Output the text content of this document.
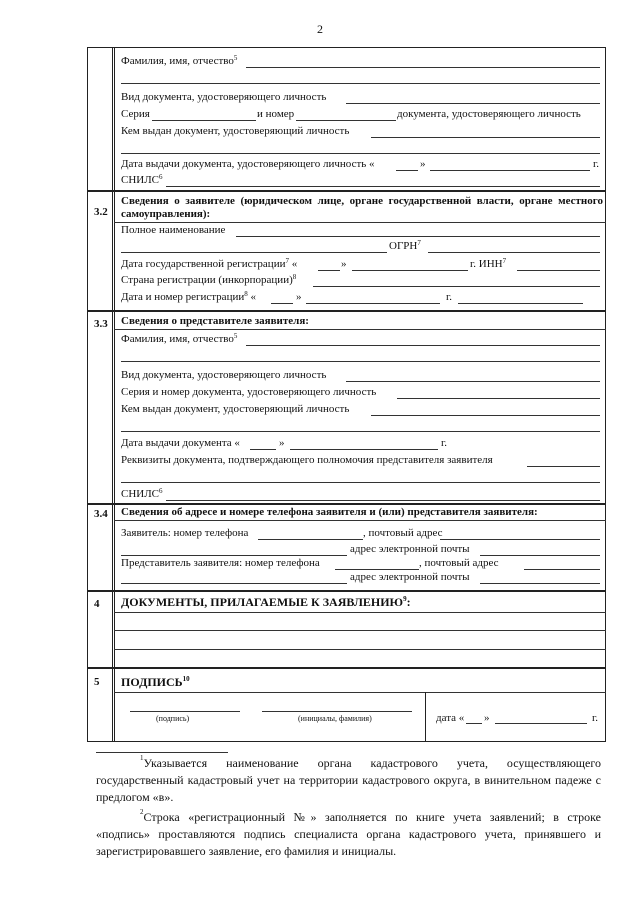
2
Фамилия, имя, отчество$^5$
Вид документа, удостоверяющего личность
Серия	и номер	документа, удостоверяющего личность
Кем выдан документ, удостоверяющий личность
Дата выдачи документа, удостоверяющего личность «	»	г.
СНИЛС$^6$
3.2
Сведения о заявителе (юридическом лице, органе государственной власти, органе местного самоуправления):
Полное наименование
ОГРН$^7$
Дата государственной регистрации$^7$ «	»	г. ИНН$^7$
Страна регистрации (инкорпорации)$^8$
Дата и номер регистрации$^8$ «	»	г.
3.3 Сведения о представителе заявителя:
Фамилия, имя, отчество$^5$
Вид документа, удостоверяющего личность
Серия и номер документа, удостоверяющего личность
Кем выдан документ, удостоверяющий личность
Дата выдачи документа «	»	г.
Реквизиты документа, подтверждающего полномочия представителя заявителя
СНИЛС$^6$
3.4 Сведения об адресе и номере телефона заявителя и (или) представителя заявителя:
Заявитель: номер телефона	, почтовый адрес
адрес электронной почты
Представитель заявителя: номер телефона	, почтовый адрес
адрес электронной почты
4 ДОКУМЕНТЫ, ПРИЛАГАЕМЫЕ К ЗАЯВЛЕНИЮ$^9$:
5 ПОДПИСЬ$^{10}$
(подпись)	(инициалы, фамилия)	дата « »	г.
$^1$Указывается наименование органа кадастрового учета, осуществляющего государственный кадастровый учет на территории кадастрового округа, в винительном падеже с предлогом «в».
$^2$Строка «регистрационный №» заполняется по книге учета заявлений; в строке «подпись» проставляются подпись специалиста органа кадастрового учета, принявшего и зарегистрировавшего заявление, его фамилия и инициалы.
